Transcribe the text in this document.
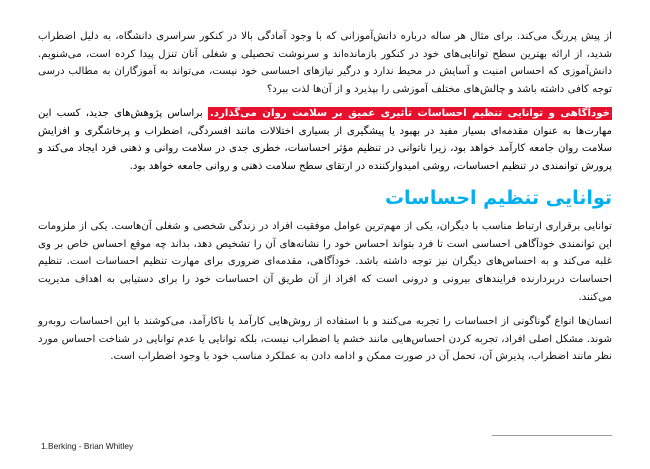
از پیش پررنگ می‌کند. برای مثال هر ساله درباره دانش‌آموزانی که با وجود آمادگی بالا در کنکور سراسری دانشگاه، به دلیل اضطراب شدید، از ارائه بهترین سطح توانایی‌های خود در کنکور بازمانده‌اند و سرنوشت تحصیلی و شغلی آنان تنزل پیدا کرده است، می‌شنویم. دانش‌آموزی که احساس امنیت و آسایش در محیط ندارد و درگیر نیازهای احساسی خود نیست، می‌تواند به آموزگاران به مطالب درسی توجه کافی داشته باشد و چالش‌های مختلف آموزشی را بپذیرد و از آن‌ها لذت ببرد؟

خودآگاهی و توانایی تنظیم احساسات تأثیری عمیق بر سلامت روان می‌گذارد. براساس پژوهش‌های جدید، کسب این مهارت‌ها به عنوان مقدمه‌ای بسیار مفید در بهبود یا پیشگیری از بسیاری اختلالات مانند افسردگی، اضطراب و پرخاشگری و افزایش سلامت روان جامعه کارآمد خواهد بود، زیرا ناتوانی در تنظیم مؤثر احساسات، خطری جدی در سلامت روانی و ذهنی فرد ایجاد می‌کند و پرورش توانمندی در تنظیم احساسات، روشی امیدوارکننده در ارتقای سطح سلامت ذهنی و روانی جامعه خواهد بود.
توانایی تنظیم احساسات

توانایی برقراری ارتباط مناسب با دیگران، یکی از مهم‌ترین عوامل موفقیت افراد در زندگی شخصی و شغلی آن‌هاست. یکی از ملزومات این توانمندی خودآگاهی احساسی است تا فرد بتواند احساس خود را نشانه‌های آن را تشخیص دهد، بداند چه موقع احساس خاص بر وی غلبه می‌کند و به احساس‌های دیگران نیز توجه داشته باشد. خودآگاهی، مقدمه‌ای ضروری برای مهارت تنظیم احساسات است. تنظیم احساسات دربردارنده فرایندهای بیرونی و درونی است که افراد از آن طریق آن احساسات خود را برای دستیابی به اهداف مدیریت می‌کنند.

انسان‌ها انواع گوناگونی از احساسات را تجربه می‌کنند و با استفاده از روش‌هایی کارآمد یا ناکارآمد، می‌کوشند با این احساسات روبه‌رو شوند. مشکل اصلی افراد، تجربه کردن احساس‌هایی مانند خشم یا اضطراب نیست، بلکه توانایی یا عدم توانایی در شناخت احساس مورد نظر مانند اضطراب، پذیرش آن، تحمل آن در صورت ممکن و ادامه دادن به عملکرد مناسب خود با وجود اضطراب است.

1.Berking - Brian Whitley
